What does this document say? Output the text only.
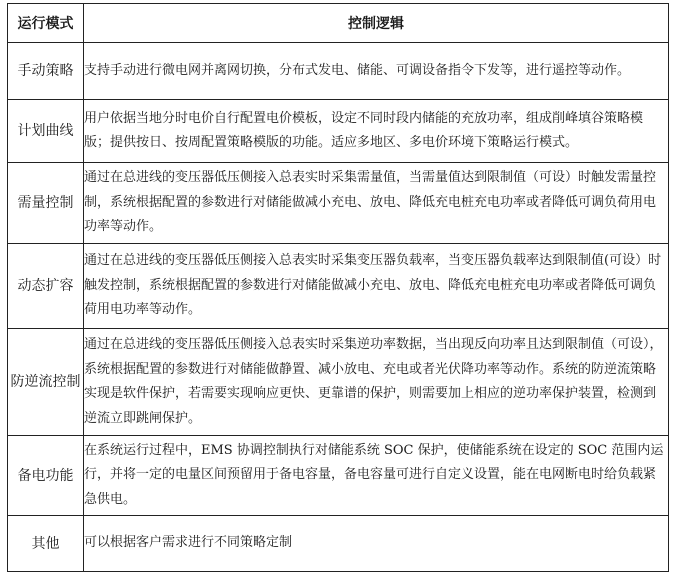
运行模式	控制逻辑
手动策略	支持手动进行微电网并离网切换，分布式发电、储能、可调设备指令下发等，进行遥控等动作。
计划曲线	用户依据当地分时电价自行配置电价模板，设定不同时段内储能的充放功率，组成削峰填谷策略模版；提供按日、按周配置策略模版的功能。适应多地区、多电价环境下策略运行模式。
需量控制	通过在总进线的变压器低压侧接入总表实时采集需量值，当需量值达到限制值（可设）时触发需量控制，系统根据配置的参数进行对储能做减小充电、放电、降低充电桩充电功率或者降低可调负荷用电功率等动作。
动态扩容	通过在总进线的变压器低压侧接入总表实时采集变压器负载率，当变压器负载率达到限制值(可设）时触发控制，系统根据配置的参数进行对储能做减小充电、放电、降低充电桩充电功率或者降低可调负荷用电功率等动作。
防逆流控制	通过在总进线的变压器低压侧接入总表实时采集逆功率数据，当出现反向功率且达到限制值（可设），系统根据配置的参数进行对储能做静置、减小放电、充电或者光伏降功率等动作。系统的防逆流策略实现是软件保护，若需要实现响应更快、更靠谱的保护，则需要加上相应的逆功率保护装置，检测到逆流立即跳闸保护。
备电功能	在系统运行过程中，EMS 协调控制执行对储能系统 SOC 保护，使储能系统在设定的 SOC 范围内运行，并将一定的电量区间预留用于备电容量，备电容量可进行自定义设置，能在电网断电时给负载紧急供电。
其他	可以根据客户需求进行不同策略定制
